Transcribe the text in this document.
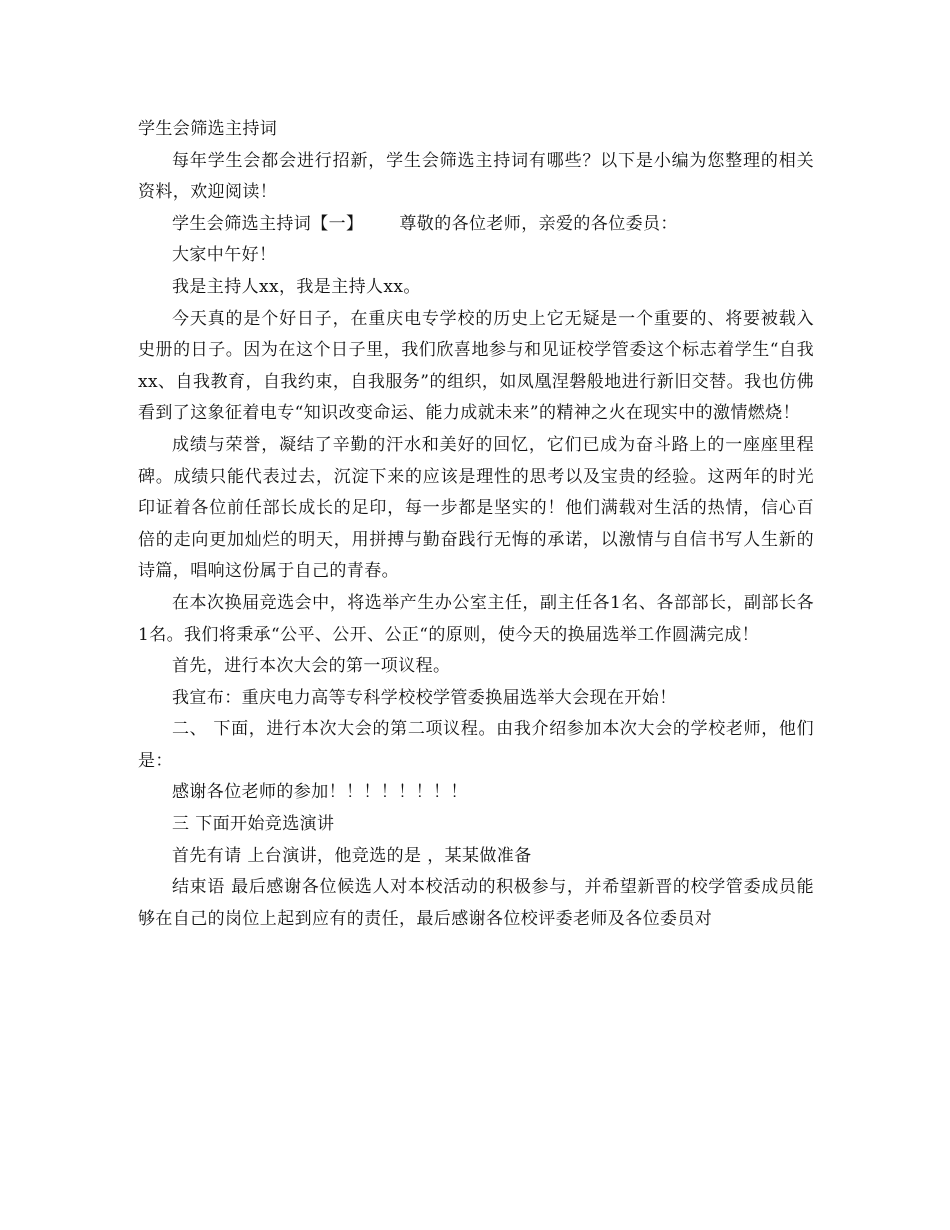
学生会筛选主持词

每年学生会都会进行招新，学生会筛选主持词有哪些？以下是小编为您整理的相关资料，欢迎阅读！

学生会筛选主持词【一】 尊敬的各位老师，亲爱的各位委员：

大家中午好！

我是主持人xx，我是主持人xx。

今天真的是个好日子，在重庆电专学校的历史上它无疑是一个重要的、将要被载入史册的日子。因为在这个日子里，我们欣喜地参与和见证校学管委这个标志着学生“自我xx、自我教育，自我约束，自我服务”的组织，如凤凰涅磐般地进行新旧交替。我也仿佛看到了这象征着电专“知识改变命运、能力成就未来”的精神之火在现实中的激情燃烧！

成绩与荣誉，凝结了辛勤的汗水和美好的回忆，它们已成为奋斗路上的一座座里程碑。成绩只能代表过去，沉淀下来的应该是理性的思考以及宝贵的经验。这两年的时光印证着各位前任部长成长的足印，每一步都是坚实的！他们满载对生活的热情，信心百倍的走向更加灿烂的明天，用拼搏与勤奋践行无悔的承诺，以激情与自信书写人生新的诗篇，唱响这份属于自己的青春。

在本次换届竞选会中，将选举产生办公室主任，副主任各1名、各部部长，副部长各1名。我们将秉承“公平、公开、公正“的原则，使今天的换届选举工作圆满完成！

首先，进行本次大会的第一项议程。

我宣布：重庆电力高等专科学校校学管委换届选举大会现在开始！

二、 下面，进行本次大会的第二项议程。由我介绍参加本次大会的学校老师，他们是：

感谢各位老师的参加！！！！！！！！

三 下面开始竞选演讲

首先有请 上台演讲，他竞选的是 ，某某做准备

结束语 最后感谢各位候选人对本校活动的积极参与，并希望新晋的校学管委成员能够在自己的岗位上起到应有的责任，最后感谢各位校评委老师及各位委员对
